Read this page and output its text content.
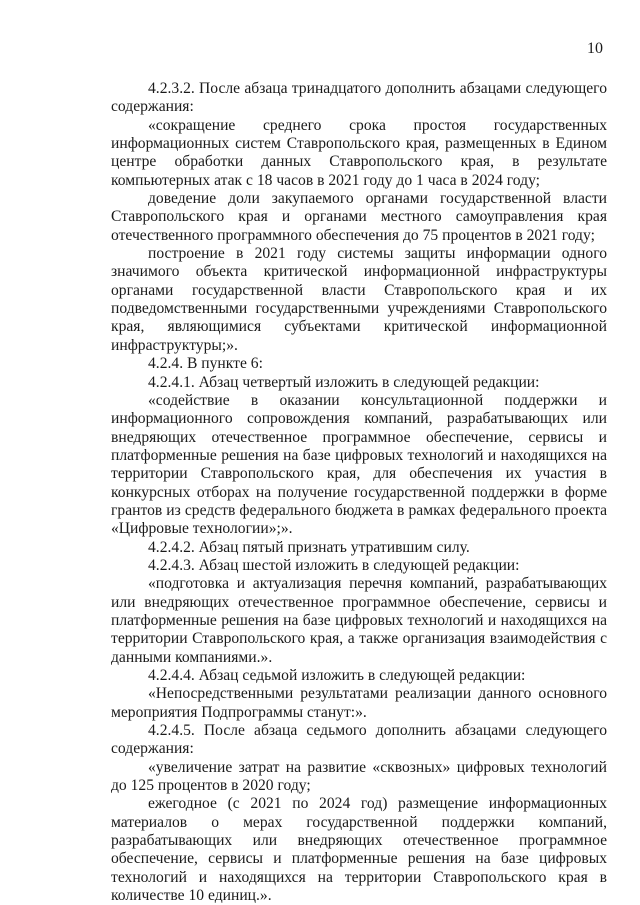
10

4.2.3.2. После абзаца тринадцатого дополнить абзацами следующего содержания:

«сокращение среднего срока простоя государственных информационных систем Ставропольского края, размещенных в Едином центре обработки данных Ставропольского края, в результате компьютерных атак с 18 часов в 2021 году до 1 часа в 2024 году;

доведение доли закупаемого органами государственной власти Ставропольского края и органами местного самоуправления края отечественного программного обеспечения до 75 процентов в 2021 году;

построение в 2021 году системы защиты информации одного значимого объекта критической информационной инфраструктуры органами государственной власти Ставропольского края и их подведомственными государственными учреждениями Ставропольского края, являющимися субъектами критической информационной инфраструктуры;».

4.2.4. В пункте 6:

4.2.4.1. Абзац четвертый изложить в следующей редакции:

«содействие в оказании консультационной поддержки и информационного сопровождения компаний, разрабатывающих или внедряющих отечественное программное обеспечение, сервисы и платформенные решения на базе цифровых технологий и находящихся на территории Ставропольского края, для обеспечения их участия в конкурсных отборах на получение государственной поддержки в форме грантов из средств федерального бюджета в рамках федерального проекта «Цифровые технологии»;».

4.2.4.2. Абзац пятый признать утратившим силу.

4.2.4.3. Абзац шестой изложить в следующей редакции:

«подготовка и актуализация перечня компаний, разрабатывающих или внедряющих отечественное программное обеспечение, сервисы и платформенные решения на базе цифровых технологий и находящихся на территории Ставропольского края, а также организация взаимодействия с данными компаниями.».

4.2.4.4. Абзац седьмой изложить в следующей редакции:

«Непосредственными результатами реализации данного основного мероприятия Подпрограммы станут:».

4.2.4.5. После абзаца седьмого дополнить абзацами следующего содержания:

«увеличение затрат на развитие «сквозных» цифровых технологий до 125 процентов в 2020 году;

ежегодное (с 2021 по 2024 год) размещение информационных материалов о мерах государственной поддержки компаний, разрабатывающих или внедряющих отечественное программное обеспечение, сервисы и платформенные решения на базе цифровых технологий и находящихся на территории Ставропольского края в количестве 10 единиц.».
